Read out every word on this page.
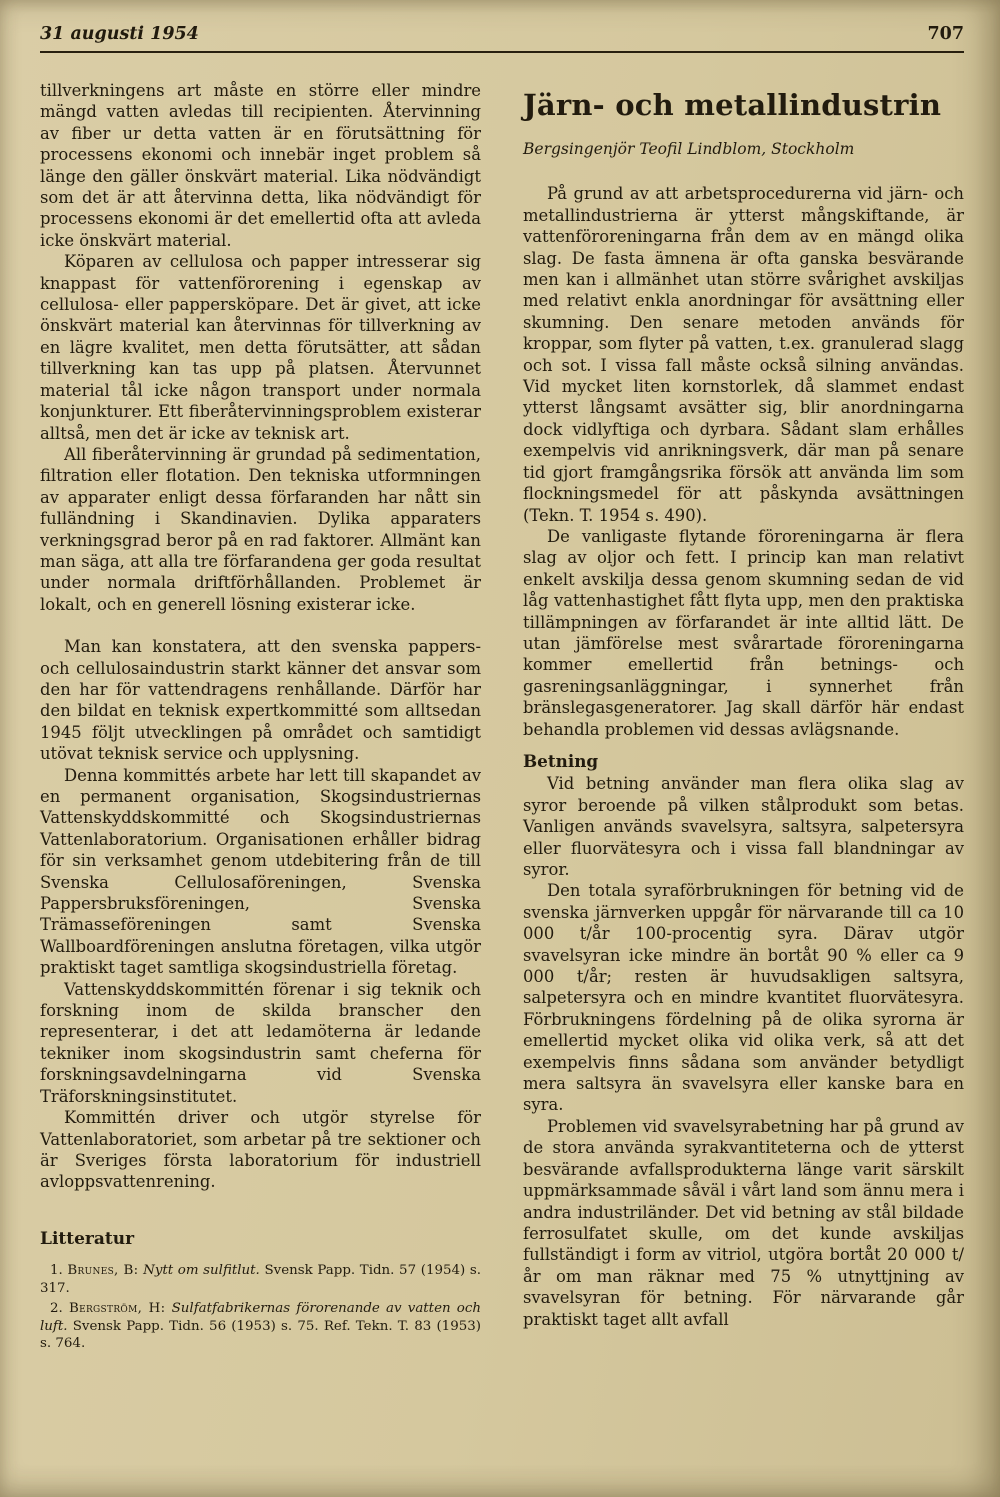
31 augusti 1954	707

tillverkningens art måste en större eller mindre mängd vatten avledas till recipienten. Återvinning av fiber ur detta vatten är en förutsättning för processens ekonomi och innebär inget problem så länge den gäller önskvärt material. Lika nödvändigt som det är att återvinna detta, lika nödvändigt för processens ekonomi är det emellertid ofta att avleda icke önskvärt material.

Köparen av cellulosa och papper intresserar sig knappast för vattenförorening i egenskap av cellulosa- eller pappersköpare. Det är givet, att icke önskvärt material kan återvinnas för tillverkning av en lägre kvalitet, men detta förutsätter, att sådan tillverkning kan tas upp på platsen. Återvunnet material tål icke någon transport under normala konjunkturer. Ett fiberåtervinningsproblem existerar alltså, men det är icke av teknisk art.

All fiberåtervinning är grundad på sedimentation, filtration eller flotation. Den tekniska utformningen av apparater enligt dessa förfaranden har nått sin fulländning i Skandinavien. Dylika apparaters verkningsgrad beror på en rad faktorer. Allmänt kan man säga, att alla tre förfarandena ger goda resultat under normala driftförhållanden. Problemet är lokalt, och en generell lösning existerar icke.

Man kan konstatera, att den svenska pappers- och cellulosaindustrin starkt känner det ansvar som den har för vattendragens renhållande. Därför har den bildat en teknisk expertkommitté som alltsedan 1945 följt utvecklingen på området och samtidigt utövat teknisk service och upplysning.

Denna kommittés arbete har lett till skapandet av en permanent organisation, Skogsindustriernas Vattenskyddskommitté och Skogsindustriernas Vattenlaboratorium. Organisationen erhåller bidrag för sin verksamhet genom utdebitering från de till Svenska Cellulosaföreningen, Svenska Pappersbruksföreningen, Svenska Trämasseföreningen samt Svenska Wallboardföreningen anslutna företagen, vilka utgör praktiskt taget samtliga skogsindustriella företag.

Vattenskyddskommittén förenar i sig teknik och forskning inom de skilda branscher den representerar, i det att ledamöterna är ledande tekniker inom skogsindustrin samt cheferna för forskningsavdelningarna vid Svenska Träforskningsinstitutet.

Kommittén driver och utgör styrelse för Vattenlaboratoriet, som arbetar på tre sektioner och är Sveriges första laboratorium för industriell avloppsvattenrening.

Litteratur

1. Brunes, B: Nytt om sulfitlut. Svensk Papp. Tidn. 57 (1954) s. 317.

2. Bergström, H: Sulfatfabrikernas förorenande av vatten och luft. Svensk Papp. Tidn. 56 (1953) s. 75. Ref. Tekn. T. 83 (1953) s. 764.

Järn- och metallindustrin

Bergsingenjör Teofil Lindblom, Stockholm

På grund av att arbetsprocedurerna vid järn- och metallindustrierna är ytterst mångskiftande, är vattenföroreningarna från dem av en mängd olika slag. De fasta ämnena är ofta ganska besvärande men kan i allmänhet utan större svårighet avskiljas med relativt enkla anordningar för avsättning eller skumning. Den senare metoden används för kroppar, som flyter på vatten, t.ex. granulerad slagg och sot. I vissa fall måste också silning användas. Vid mycket liten kornstorlek, då slammet endast ytterst långsamt avsätter sig, blir anordningarna dock vidlyftiga och dyrbara. Sådant slam erhålles exempelvis vid anrikningsverk, där man på senare tid gjort framgångsrika försök att använda lim som flockningsmedel för att påskynda avsättningen (Tekn. T. 1954 s. 490).

De vanligaste flytande föroreningarna är flera slag av oljor och fett. I princip kan man relativt enkelt avskilja dessa genom skumning sedan de vid låg vattenhastighet fått flyta upp, men den praktiska tillämpningen av förfarandet är inte alltid lätt. De utan jämförelse mest svårartade föroreningarna kommer emellertid från betnings- och gasreningsanläggningar, i synnerhet från bränslegasgeneratorer. Jag skall därför här endast behandla problemen vid dessas avlägsnande.

Betning

Vid betning använder man flera olika slag av syror beroende på vilken stålprodukt som betas. Vanligen används svavelsyra, saltsyra, salpetersyra eller fluorvätesyra och i vissa fall blandningar av syror.

Den totala syraförbrukningen för betning vid de svenska järnverken uppgår för närvarande till ca 10 000 t/år 100-procentig syra. Därav utgör svavelsyran icke mindre än bortåt 90 % eller ca 9 000 t/år; resten är huvudsakligen saltsyra, salpetersyra och en mindre kvantitet fluorvätesyra. Förbrukningens fördelning på de olika syrorna är emellertid mycket olika vid olika verk, så att det exempelvis finns sådana som använder betydligt mera saltsyra än svavelsyra eller kanske bara en syra.

Problemen vid svavelsyrabetning har på grund av de stora använda syrakvantiteterna och de ytterst besvärande avfallsprodukterna länge varit särskilt uppmärksammade såväl i vårt land som ännu mera i andra industriländer. Det vid betning av stål bildade ferrosulfatet skulle, om det kunde avskiljas fullständigt i form av vitriol, utgöra bortåt 20 000 t/år om man räknar med 75 % utnyttjning av svavelsyran för betning. För närvarande går praktiskt taget allt avfall
